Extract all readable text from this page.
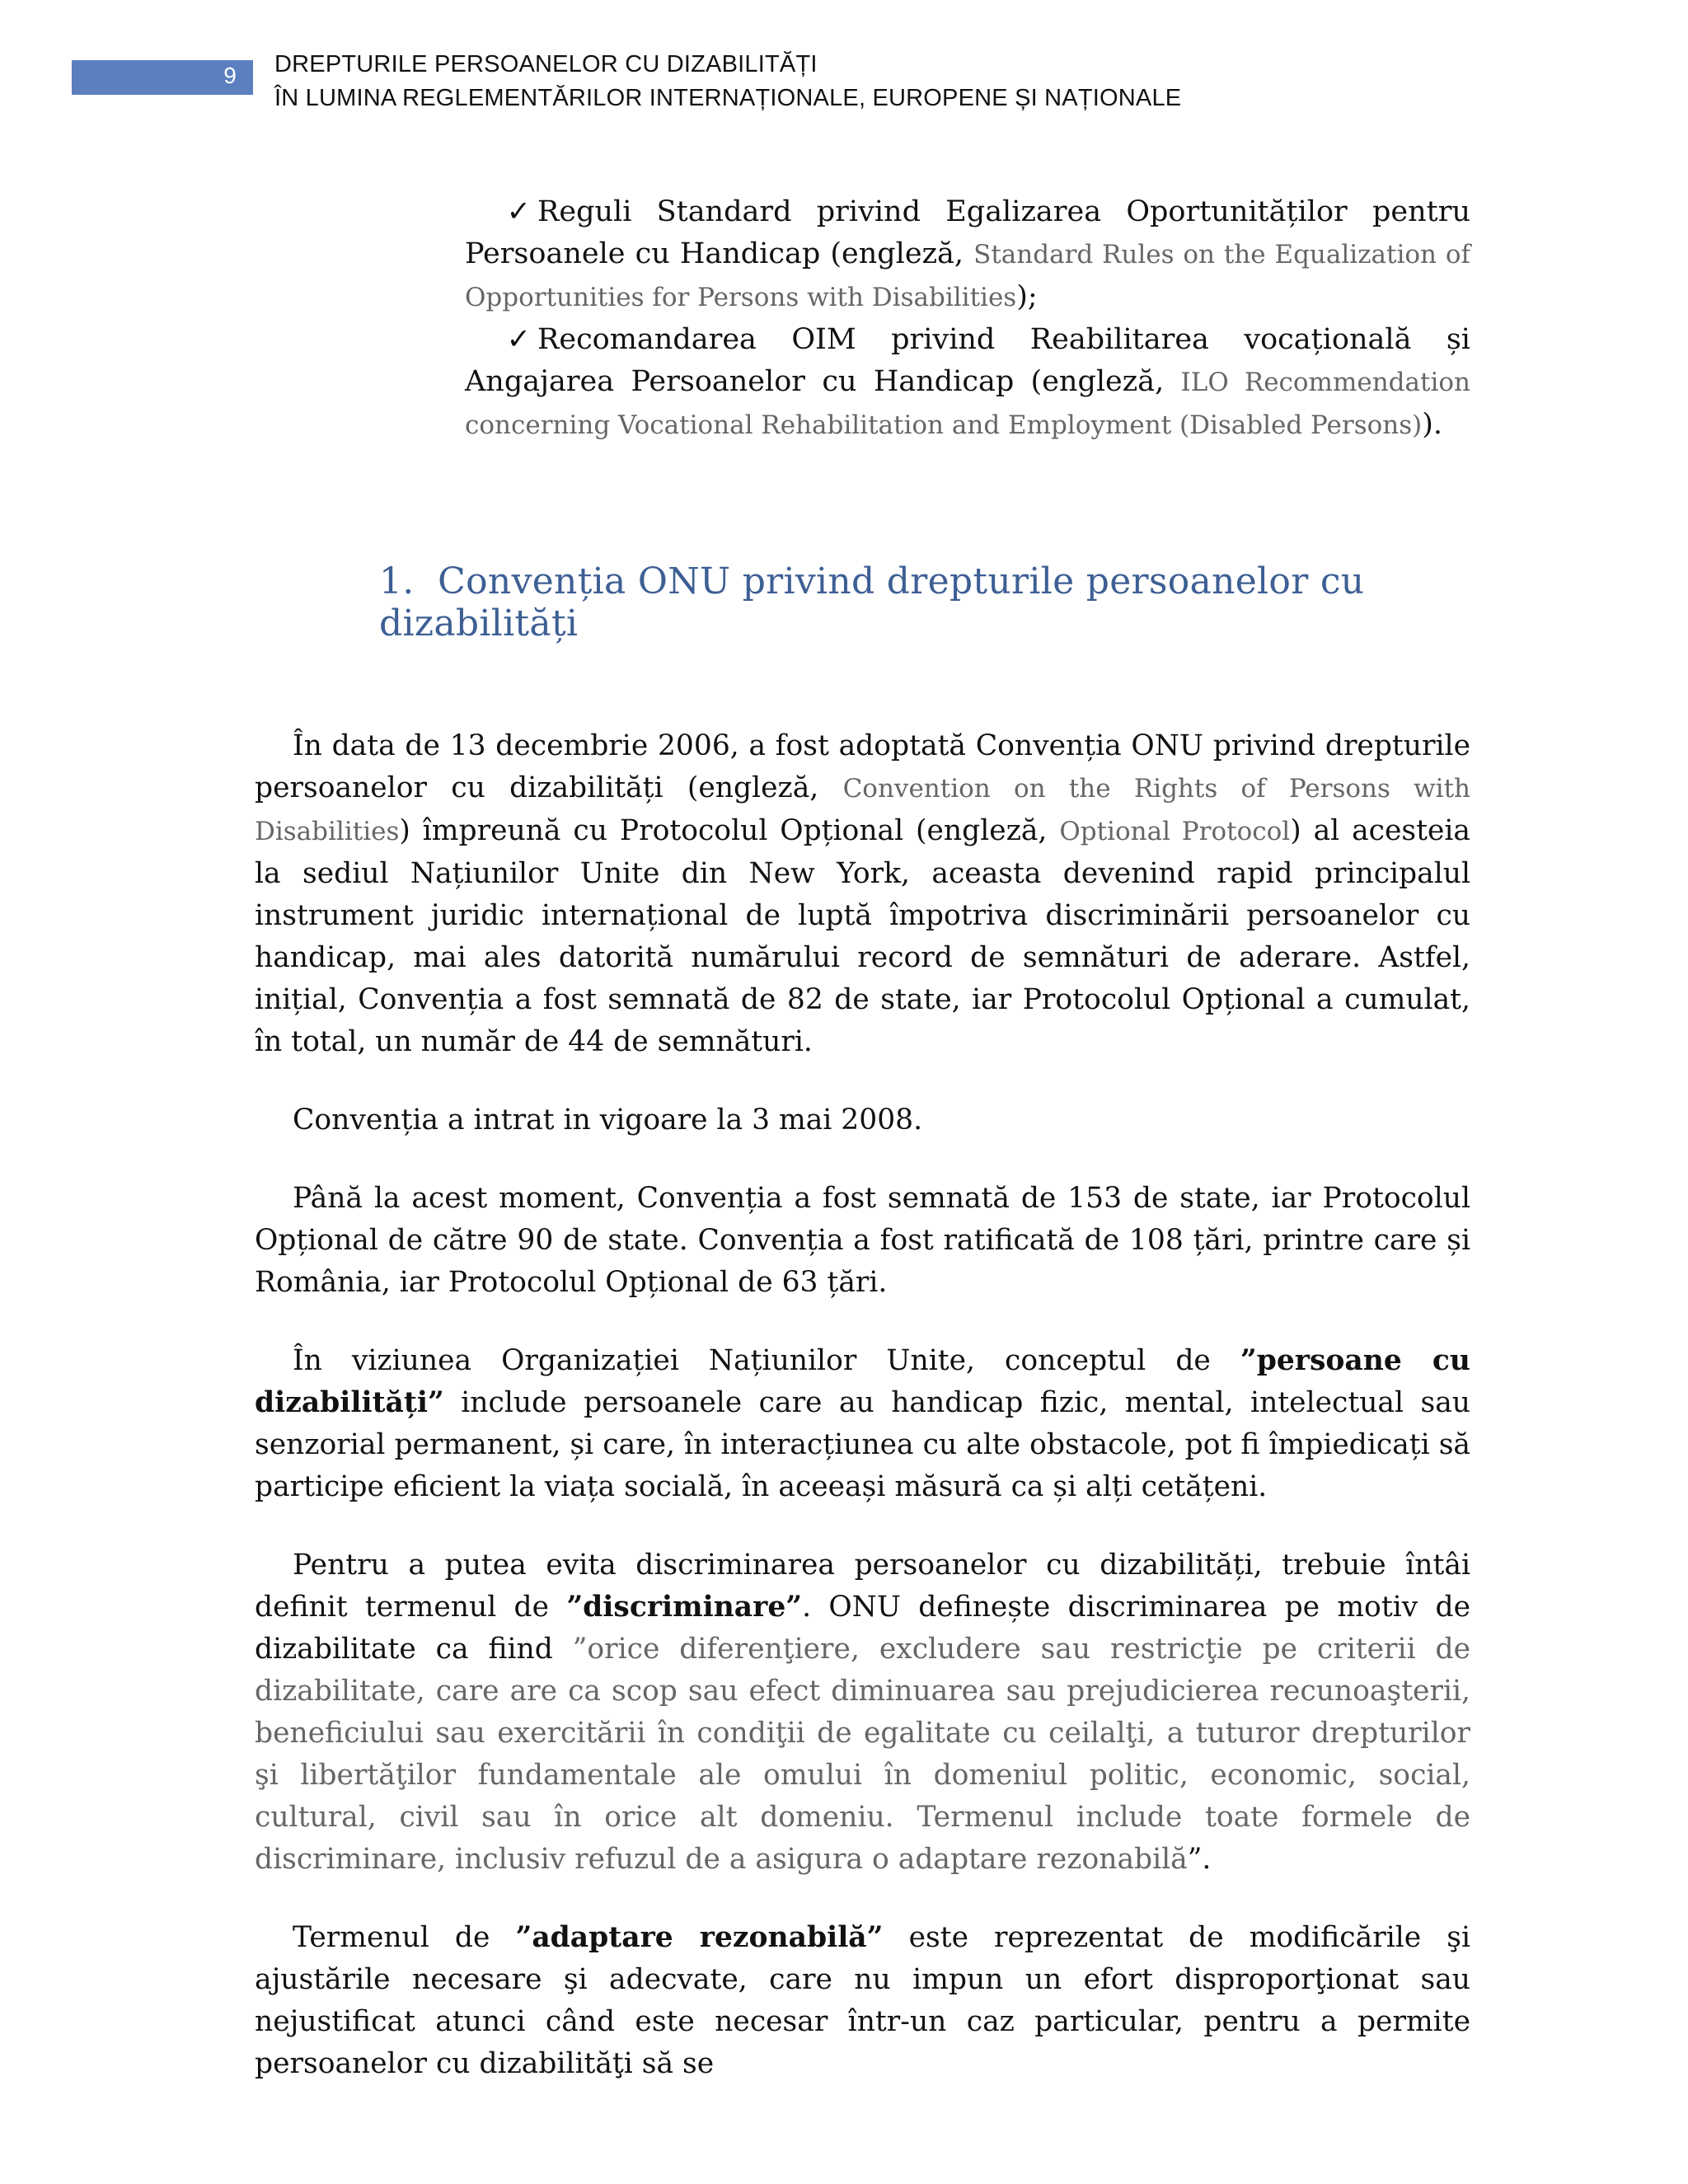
9 DREPTURILE PERSOANELOR CU DIZABILITĂȚI
ÎN LUMINA REGLEMENTĂRILOR INTERNAȚIONALE, EUROPENE ȘI NAȚIONALE

✓ Reguli Standard privind Egalizarea Oportunităților pentru Persoanele cu Handicap (engleză, Standard Rules on the Equalization of Opportunities for Persons with Disabilities);

✓ Recomandarea OIM privind Reabilitarea vocațională și Angajarea Persoanelor cu Handicap (engleză, ILO Recommendation concerning Vocational Rehabilitation and Employment (Disabled Persons)).

1. Convenția ONU privind drepturile persoanelor cu dizabilități

În data de 13 decembrie 2006, a fost adoptată Convenția ONU privind drepturile persoanelor cu dizabilități (engleză, Convention on the Rights of Persons with Disabilities) împreună cu Protocolul Opțional (engleză, Optional Protocol) al acesteia la sediul Națiunilor Unite din New York, aceasta devenind rapid principalul instrument juridic internațional de luptă împotriva discriminării persoanelor cu handicap, mai ales datorită numărului record de semnături de aderare. Astfel, inițial, Convenția a fost semnată de 82 de state, iar Protocolul Opțional a cumulat, în total, un număr de 44 de semnături.

Convenția a intrat in vigoare la 3 mai 2008.

Până la acest moment, Convenția a fost semnată de 153 de state, iar Protocolul Opțional de către 90 de state. Convenția a fost ratificată de 108 țări, printre care și România, iar Protocolul Opțional de 63 țări.

În viziunea Organizației Națiunilor Unite, conceptul de ”persoane cu dizabilități” include persoanele care au handicap fizic, mental, intelectual sau senzorial permanent, și care, în interacțiunea cu alte obstacole, pot fi împiedicați să participe eficient la viața socială, în aceeași măsură ca și alți cetățeni.

Pentru a putea evita discriminarea persoanelor cu dizabilități, trebuie întâi definit termenul de ”discriminare”. ONU definește discriminarea pe motiv de dizabilitate ca fiind ”orice diferenţiere, excludere sau restricţie pe criterii de dizabilitate, care are ca scop sau efect diminuarea sau prejudicierea recunoaşterii, beneficiului sau exercitării în condiţii de egalitate cu ceilalţi, a tuturor drepturilor şi libertăţilor fundamentale ale omului în domeniul politic, economic, social, cultural, civil sau în orice alt domeniu. Termenul include toate formele de discriminare, inclusiv refuzul de a asigura o adaptare rezonabilă”.

Termenul de ”adaptare rezonabilă” este reprezentat de modificările şi ajustările necesare şi adecvate, care nu impun un efort disproporţionat sau nejustificat atunci când este necesar într-un caz particular, pentru a permite persoanelor cu dizabilităţi să se
